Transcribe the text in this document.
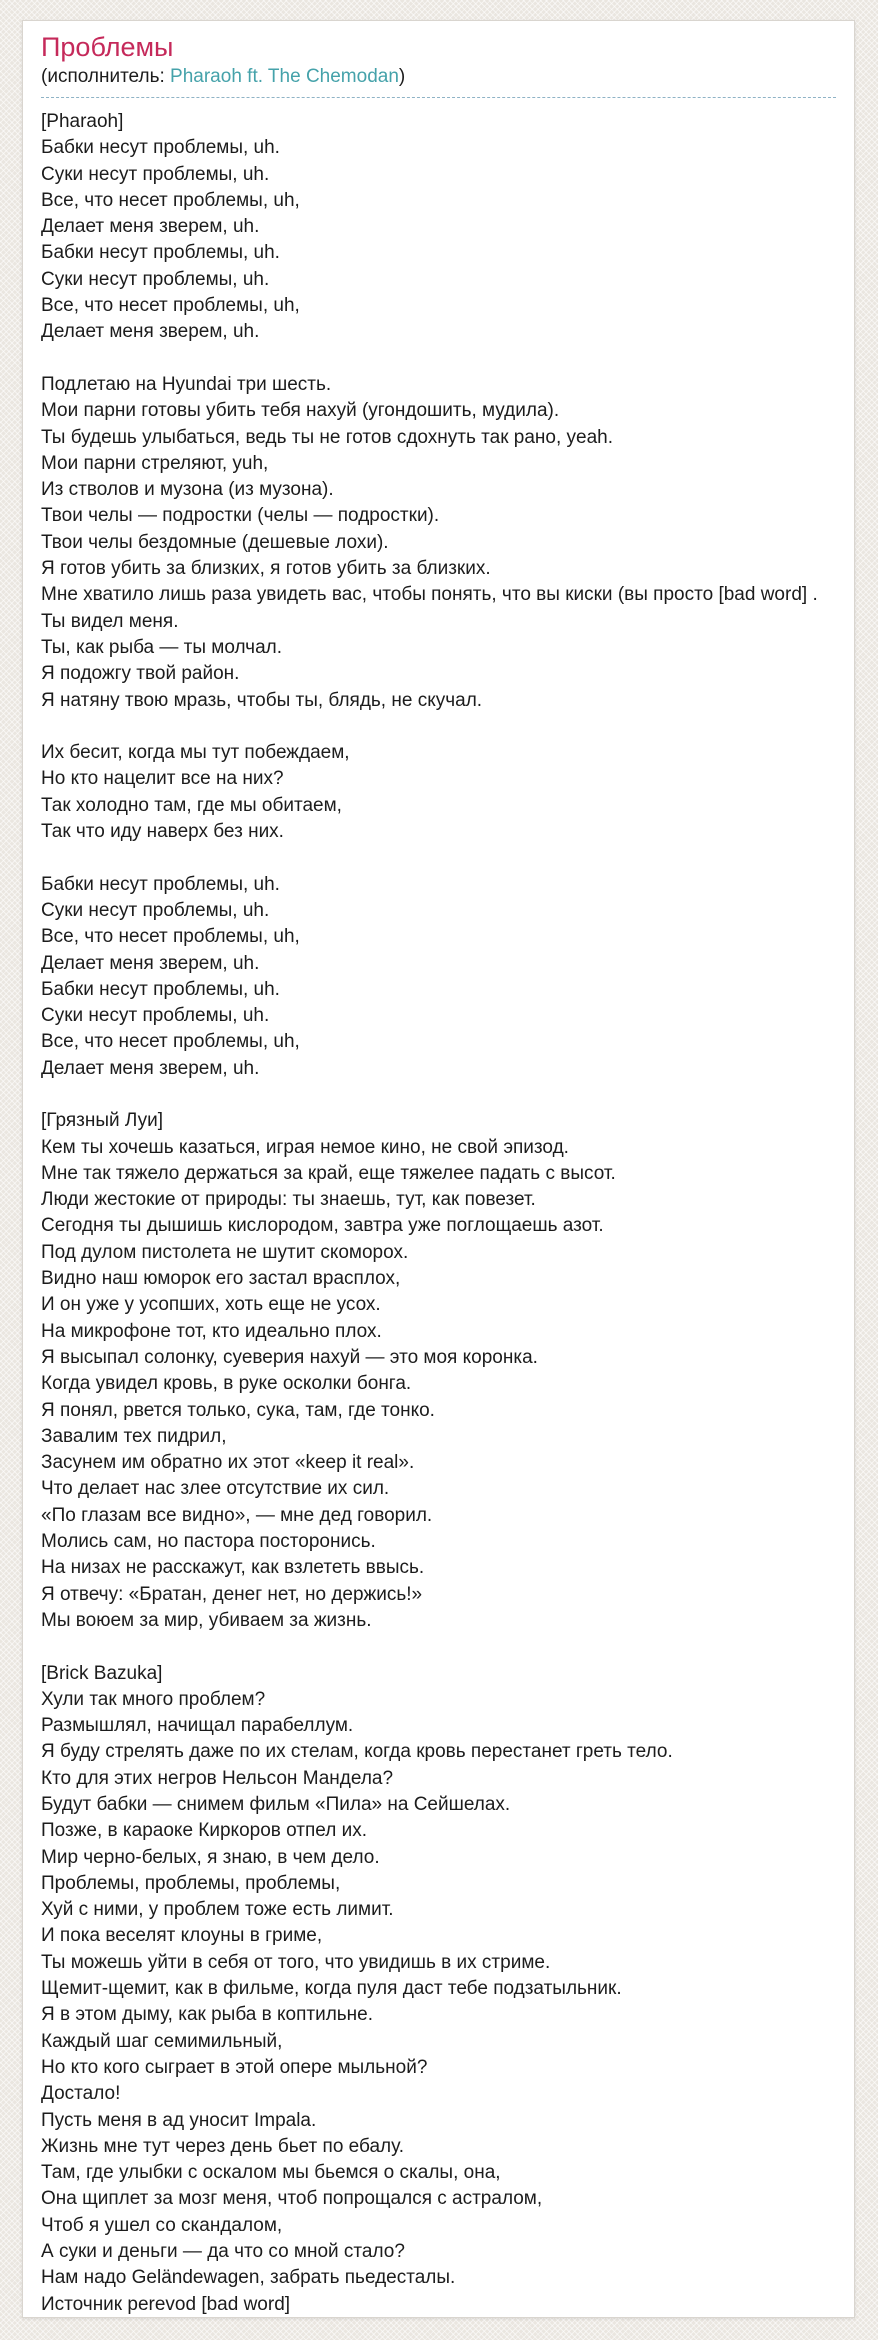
Проблемы
(исполнитель: Pharaoh ft. The Chemodan)
[Pharaoh]
Бабки несут проблемы, uh.
Суки несут проблемы, uh.
Все, что несет проблемы, uh,
Делает меня зверем, uh.
Бабки несут проблемы, uh.
Суки несут проблемы, uh.
Все, что несет проблемы, uh,
Делает меня зверем, uh.
Подлетаю на Hyundai три шесть.
Мои парни готовы убить тебя нахуй (угондошить, мудила).
Ты будешь улыбаться, ведь ты не готов сдохнуть так рано, yeah.
Мои парни стреляют, yuh,
Из стволов и музона (из музона).
Твои челы — подростки (челы — подростки).
Твои челы бездомные (дешевые лохи).
Я готов убить за близких, я готов убить за близких.
Мне хватило лишь раза увидеть вас, чтобы понять, что вы киски (вы просто [bad word] .
Ты видел меня.
Ты, как рыба — ты молчал.
Я подожгу твой район.
Я натяну твою мразь, чтобы ты, блядь, не скучал.
Их бесит, когда мы тут побеждаем,
Но кто нацелит все на них?
Так холодно там, где мы обитаем,
Так что иду наверх без них.
Бабки несут проблемы, uh.
Суки несут проблемы, uh.
Все, что несет проблемы, uh,
Делает меня зверем, uh.
Бабки несут проблемы, uh.
Суки несут проблемы, uh.
Все, что несет проблемы, uh,
Делает меня зверем, uh.
[Грязный Луи]
Кем ты хочешь казаться, играя немое кино, не свой эпизод.
Мне так тяжело держаться за край, еще тяжелее падать с высот.
Люди жестокие от природы: ты знаешь, тут, как повезет.
Сегодня ты дышишь кислородом, завтра уже поглощаешь азот.
Под дулом пистолета не шутит скоморох.
Видно наш юморок его застал врасплох,
И он уже у усопших, хоть еще не усох.
На микрофоне тот, кто идеально плох.
Я высыпал солонку, суеверия нахуй — это моя коронка.
Когда увидел кровь, в руке осколки бонга.
Я понял, рвется только, сука, там, где тонко.
Завалим тех пидрил,
Засунем им обратно их этот «keep it real».
Что делает нас злее отсутствие их сил.
«По глазам все видно», — мне дед говорил.
Молись сам, но пастора посторонись.
На низах не расскажут, как взлететь ввысь.
Я отвечу: «Братан, денег нет, но держись!»
Мы воюем за мир, убиваем за жизнь.
[Brick Bazuka]
Хули так много проблем?
Размышлял, начищал парабеллум.
Я буду стрелять даже по их стелам, когда кровь перестанет греть тело.
Кто для этих негров Нельсон Мандела?
Будут бабки — снимем фильм «Пила» на Сейшелах.
Позже, в караоке Киркоров отпел их.
Мир черно-белых, я знаю, в чем дело.
Проблемы, проблемы, проблемы,
Хуй с ними, у проблем тоже есть лимит.
И пока веселят клоуны в гриме,
Ты можешь уйти в себя от того, что увидишь в их стриме.
Щемит-щемит, как в фильме, когда пуля даст тебе подзатыльник.
Я в этом дыму, как рыба в коптильне.
Каждый шаг семимильный,
Но кто кого сыграет в этой опере мыльной?
Достало!
Пусть меня в ад уносит Impala.
Жизнь мне тут через день бьет по ебалу.
Там, где улыбки с оскалом мы бьемся о скалы, она,
Она щиплет за мозг меня, чтоб попрощался с астралом,
Чтоб я ушел со скандалом,
А суки и деньги — да что со мной стало?
Нам надо Geländewagen, забрать пьедесталы.
Источник perevod [bad word]
